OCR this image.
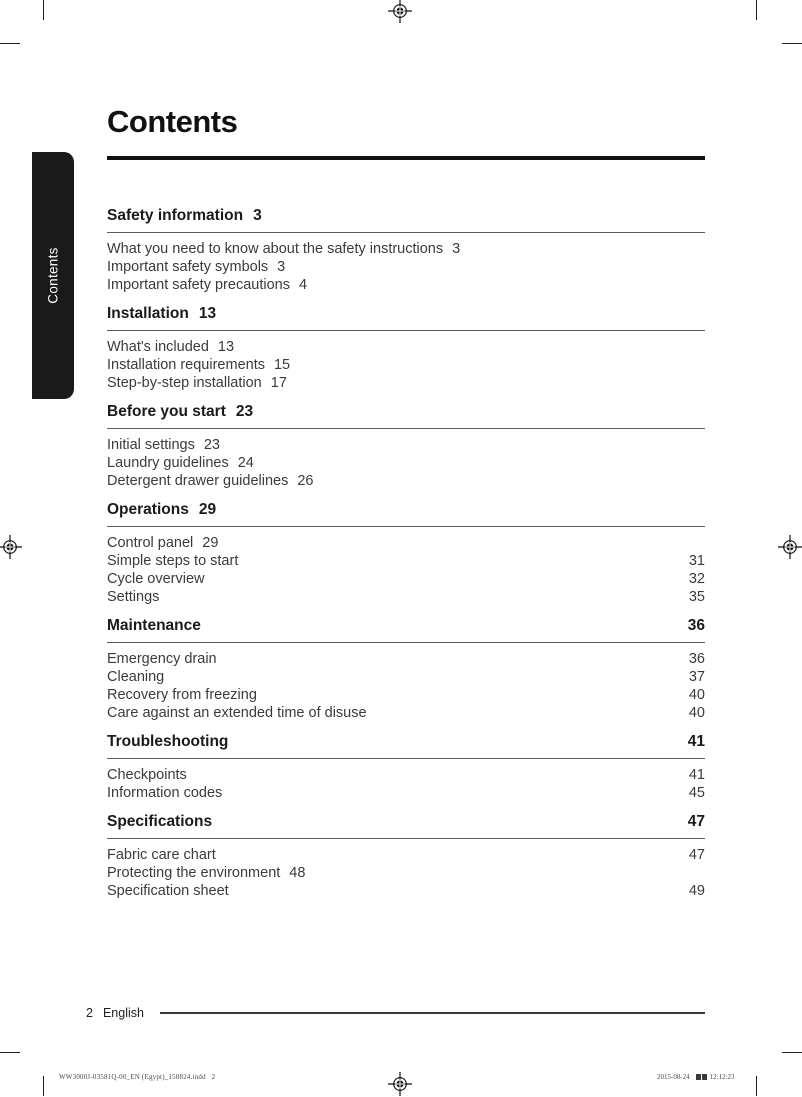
Contents
Contents
Safety information 3
What you need to know about the safety instructions 3
Important safety symbols 3
Important safety precautions 4
Installation 13
What's included 13
Installation requirements 15
Step-by-step installation 17
Before you start 23
Initial settings 23
Laundry guidelines 24
Detergent drawer guidelines 26
Operations 29
Control panel 29
Simple steps to start	31
Cycle overview	32
Settings	35
Maintenance	36
Emergency drain	36
Cleaning	37
Recovery from freezing	40
Care against an extended time of disuse	40
Troubleshooting	41
Checkpoints	41
Information codes	45
Specifications	47
Fabric care chart	47
Protecting the environment 48
Specification sheet	49
2 English
WW3000J-03581Q-00_EN (Egypt)_150824.indd   2	2015-08-24	12:12:23
